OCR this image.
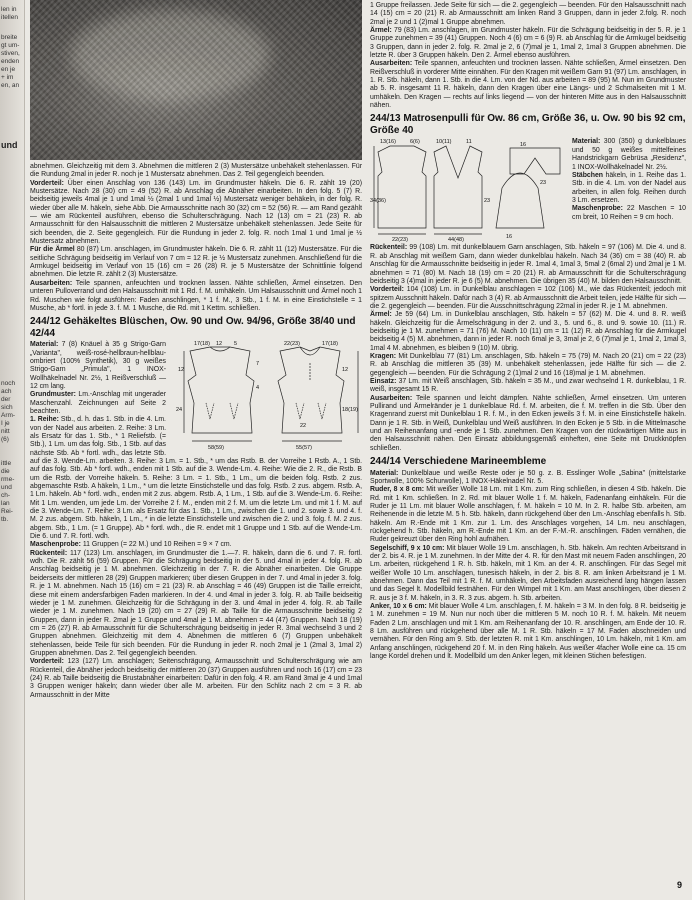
len in
itellen
breite
gt um-
stiven,
enden
en je
+ im
en, an
und
noch
ach
der
sich
Arm-
I je
nitt
(6)
ittle
die
rme-
und
ch-
lan
Rei-
tb.

abnehmen. Gleichzeitig mit dem 3. Abnehmen die mittleren 2 (3) Mustersätze unbehäkelt stehenlassen. Für die Rundung 2mal in jeder R. noch je 1 Mustersatz abnehmen. Das 2. Teil gegengleich beenden.

Vorderteil: Über einen Anschlag von 136 (143) Lm. im Grundmuster häkeln. Die 6. R. zählt 19 (20) Mustersätze. Nach 28 (30) cm = 49 (52) R. ab Anschlag die Abnäher einarbeiten. In den folg. 5 (7) R. beidseitig jeweils 4mal je 1 und 1mal ½ (2mal 1 und 1mal ½) Mustersatz weniger behäkeln, in der folg. R. wieder über alle M. häkeln, siehe Abb. Die Armausschnitte nach 30 (32) cm = 52 (56) R. — am Rand gezählt — wie am Rückenteil ausführen, ebenso die Schulterschrägung. Nach 12 (13) cm = 21 (23) R. ab Armausschnitt für den Halsausschnitt die mittleren 2 Mustersätze unbehäkelt stehenlassen. Jede Seite für sich beenden, die 2. Seite gegengleich. Für die Rundung in jeder 2. folg. R. noch 1mal 1 und 1mal je ½ Mustersatz abnehmen.

Für die Ärmel 80 (87) Lm. anschlagen, im Grundmuster häkeln. Die 6. R. zählt 11 (12) Mustersätze. Für die seitliche Schrägung beidseitig im Verlauf von 7 cm = 12 R. je ½ Mustersatz zunehmen. Anschließend für die Armkugel beidseitig im Verlauf von 15 (16) cm = 26 (28) R. je 5 Mustersätze der Schnittlinie folgend abnehmen. Die letzte R. zählt 2 (3) Mustersätze.

Ausarbeiten: Teile spannen, anfeuchten und trocknen lassen. Nähte schließen, Ärmel einsetzen. Den unteren Pulloverrand und den Halsausschnitt mit 1 Rd. f. M. umhäkeln. Um Halsausschnitt und Ärmel noch 1 Rd. Muschen wie folgt ausführen: Faden anschlingen, * 1 f. M., 3 Stb., 1 f. M. in eine Einstichstelle = 1 Musche, ab * fortl. in jede 3. f. M. 1 Musche, die Rd. mit 1 Kettm. schließen.

244/12 Gehäkeltes Blüschen, Ow. 90 und Ow. 94/96, Größe 38/40 und 42/44
17(18) 12 5
7
12
4
24
58(59)
22(23)	17(18)
12
18(19)
22
55(57)

Material: 7 (8) Knäuel à 35 g Strigo-Garn „Varianta", weiß-rosé-hellbraun-hellblau-ombriert (100% Synthetik), 30 g weißes Strigo-Garn „Primula", 1 INOX-Wollhäkelnadel Nr. 2½, 1 Reißverschluß — 12 cm lang.

Grundmuster: Lm.-Anschlag mit ungerader Maschenzahl. Zeichnungen auf Seite 2 beachten.

1. Reihe: Stb., d. h. das 1. Stb. in die 4. Lm. von der Nadel aus arbeiten. 2. Reihe: 3 Lm. als Ersatz für das 1. Stb., * 1 Reliefstb. (= Stb.), 1 Lm. um das folg. Stb., 1 Stb. auf das nächste Stb. Ab * fortl. wdh., das letzte Stb. auf die 3. Wende-Lm. arbeiten. 3. Reihe: 3 Lm. = 1. Stb., * um das Rstb. B. der Vorreihe 1 Rstb. A., 1 Stb. auf das folg. Stb. Ab * fortl. wdh., enden mit 1 Stb. auf die 3. Wende-Lm. 4. Reihe: Wie die 2. R., die Rstb. B um die Rstb. der Vorreihe häkeln. 5. Reihe: 3 Lm. = 1. Stb., 1 Lm., um die beiden folg. Rstb. 2 zus. abgemaschte Rstb. A häkeln, 1 Lm., * um die letzte Einstichstelle und das folg. Rstb. 2 zus. abgem. Rstb. A, 1 Lm. häkeln. Ab * fortl. wdh., enden mit 2 zus. abgem. Rstb. A, 1 Lm., 1 Stb. auf die 3. Wende-Lm. 6. Reihe: Mit 1 Lm. wenden, um jede Lm. der Vorreihe 2 f. M., enden mit 2 f. M. um die letzte Lm. und mit 1 f. M. auf die 3. Wende-Lm. 7. Reihe: 3 Lm. als Ersatz für das 1. Stb., 1 Lm., zwischen die 1. und 2. sowie 3. und 4. f. M. 2 zus. abgem. Stb. häkeln, 1 Lm., * in die letzte Einstichstelle und zwischen die 2. und 3. folg. f. M. 2 zus. abgem. Stb., 1 Lm. (= 1 Gruppe). Ab * fortl. wdh., die R. endet mit 1 Gruppe und 1 Stb. auf die Wende-Lm. Die 6. und 7. R. fortl. wdh.

Maschenprobe: 11 Gruppen (= 22 M.) und 10 Reihen = 9 × 7 cm.

Rückenteil: 117 (123) Lm. anschlagen, im Grundmuster die 1.—7. R. häkeln, dann die 6. und 7. R. fortl. wdh. Die R. zählt 56 (59) Gruppen. Für die Schrägung beidseitig in der 5. und 4mal in jeder 4. folg. R. ab Anschlag beidseitig je 1 M. abnehmen. Gleichzeitig in der 7. R. die Abnäher einarbeiten. Die Gruppe beiderseits der mittleren 28 (29) Gruppen markieren; über diesen Gruppen in der 7. und 4mal in jeder 3. folg. R. je 1 M. abnehmen. Nach 15 (16) cm = 21 (23) R. ab Anschlag = 46 (49) Gruppen ist die Taille erreicht, diese mit einem andersfarbigen Faden markieren. In der 4. und 4mal in jeder 3. folg. R. ab Taille beidseitig wieder je 1 M. zunehmen. Gleichzeitig für die Schrägung in der 3. und 4mal in jeder 4. folg. R. ab Taille wieder je 1 M. zunehmen. Nach 19 (20) cm = 27 (29) R. ab Taille für die Armausschnitte beidseitig 2 Gruppen, dann in jeder R. 2mal je 1 Gruppe und 4mal je 1 M. abnehmen = 44 (47) Gruppen. Nach 18 (19) cm = 26 (27) R. ab Armausschnitt für die Schulterschrägung beidseitig in jeder R. 3mal wechselnd 3 und 2 Gruppen abnehmen. Gleichzeitig mit dem 4. Abnehmen die mittleren 6 (7) Gruppen unbehäkelt stehenlassen, beide Teile für sich beenden. Für die Rundung in jeder R. noch 2mal je 1 (2mal 3, 1mal 2) Gruppen abnehmen. Das 2. Teil gegengleich beenden.

Vorderteil: 123 (127) Lm. anschlagen; Seitenschrägung, Armausschnitt und Schulterschrägung wie am Rückenteil, die Abnäher jedoch beidseitig der mittleren 20 (37) Gruppen ausführen und noch 16 (17) cm = 23 (24) R. ab Taille beidseitig die Brustabnäher einarbeiten: Dafür in den folg. 4 R. am Rand 3mal je 4 und 1mal 3 Gruppen weniger häkeln; dann wieder über alle M. arbeiten. Für den Schlitz nach 2 cm = 3 R. ab Armausschnitt in der Mitte

1 Gruppe freilassen. Jede Seite für sich — die 2. gegengleich — beenden. Für den Halsausschnitt nach 14 (15) cm = 20 (21) R. ab Armausschnitt am linken Rand 3 Gruppen, dann in jeder 2.folg. R. noch 2mal je 2 und 1 (2)mal 1 Gruppe abnehmen.

Ärmel: 79 (83) Lm. anschlagen, im Grundmuster häkeln. Für die Schrägung beidseitig in der 5. R. je 1 Gruppe zunehmen = 39 (41) Gruppen. Noch 4 (6) cm = 6 (9) R. ab Anschlag für die Armkugel beidseitig 3 Gruppen, dann in jeder 2. folg. R. 2mal je 2, 6 (7)mal je 1, 1mal 2, 1mal 3 Gruppen abnehmen. Die letzte R. über 3 Gruppen häkeln. Den 2. Ärmel ebenso ausführen.

Ausarbeiten: Teile spannen, anfeuchten und trocknen lassen. Nähte schließen, Ärmel einsetzen. Den Reißverschluß in vorderer Mitte einnähen. Für den Kragen mit weißem Garn 91 (97) Lm. anschlagen, in 1. R. Stb. häkeln, dann 1. Stb. in die 4. Lm. von der Nd. aus arbeiten = 89 (95) M. Nun im Grundmuster ab 5. R. insgesamt 11 R. häkeln, dann den Kragen über eine Längs- und 2 Schmalseiten mit 1 M. umhäkeln. Den Kragen — rechts auf links liegend — von der hinteren Mitte aus in den Halsausschnitt nähen.

244/13 Matrosenpulli für Ow. 86 cm, Größe 36, u. Ow. 90 bis 92 cm, Größe 40
13(16)	6(6)	10(11)	11	16
34(36)	23
22(23)	44(48)	16
23

Material: 300 (350) g dunkelblaues und 50 g weißes mittelfeines Handstrickgarn Gebrüsa „Residenz", 1 INOX-Wollhäkelnadel Nr. 2½.

Stäbchen häkeln, in 1. Reihe das 1. Stb. in die 4. Lm. von der Nadel aus arbeiten, in allen folg. Reihen durch 3 Lm. ersetzen.

Maschenprobe: 22 Maschen = 10 cm breit, 10 Reihen = 9 cm hoch.

Rückenteil: 99 (108) Lm. mit dunkelblauem Garn anschlagen, Stb. häkeln = 97 (106) M. Die 4. und 8. R. ab Anschlag mit weißem Garn, dann wieder dunkelblau häkeln. Nach 34 (36) cm = 38 (40) R. ab Anschlag für die Armausschnitte beidseitig in jeder R. 1mal 4, 1mal 3, 5mal 2 (6mal 2) und 2mal je 1 M. abnehmen = 71 (80) M. Nach 18 (19) cm = 20 (21) R. ab Armausschnitt für die Schulterschrägung beidseitig 3 (4)mal in jeder R. je 6 (5) M. abnehmen. Die übrigen 35 (40) M. bilden den Halsausschnitt.

Vorderteil: 104 (108) Lm. in Dunkelblau anschlagen = 102 (106) M., wie das Rückenteil; jedoch mit spitzem Ausschnitt häkeln. Dafür nach 3 (4) R. ab Armausschnitt die Arbeit teilen, jede Hälfte für sich — die 2. gegengleich — beenden. Für die Ausschnittschrägung 22mal in jeder R. je 1 M. abnehmen.

Ärmel: Je 59 (64) Lm. in Dunkelblau anschlagen, Stb. häkeln = 57 (62) M. Die 4. und 8. R. weiß häkeln. Gleichzeitig für die Ärmelschrägung in der 2. und 3., 5. und 6., 8. und 9. sowie 10. (11.) R. beidseitig je 1 M. zunehmen = 71 (76) M. Nach 10 (11) cm = 11 (12) R. ab Anschlag für die Armkugel beidseitig 4 (5) M. abnehmen, dann in jeder R. noch 6mal je 3, 3mal je 2, 6 (7)mal je 1, 1mal 2, 1mal 3, 1mal 4 M. abnehmen, es bleiben 9 (10) M. übrig.

Kragen: Mit Dunkelblau 77 (81) Lm. anschlagen, Stb. häkeln = 75 (79) M. Nach 20 (21) cm = 22 (23) R. ab Anschlag die mittleren 35 (39) M. unbehäkelt stehenlassen, jede Hälfte für sich — die 2. gegengleich — beenden. Für die Schrägung 2 (1)mal 2 und 16 (18)mal je 1 M. abnehmen.

Einsatz: 37 Lm. mit Weiß anschlagen, Stb. häkeln = 35 M., und zwar wechselnd 1 R. dunkelblau, 1 R. weiß, insgesamt 15 R.

Ausarbeiten: Teile spannen und leicht dämpfen. Nähte schließen, Ärmel einsetzen. Um unteren Pullirand und Ärmelränder je 1 dunkelblaue Rd. f. M. arbeiten, die f. M. treffen in die Stb. Über den Kragenrand zuerst mit Dunkelblau 1 R. f. M., in den Ecken jeweils 3 f. M. in eine Einstichstelle häkeln. Dann je 1 R. Stb. in Weiß, Dunkelblau und Weiß ausführen. In den Ecken je 5 Stb. in die Mittelmasche und an Reihenanfang und -ende je 1 Stb. zunehmen. Den Kragen von der rückwärtigen Mitte aus in den Halsausschnitt nähen. Den Einsatz abbildungsgemäß einheften, eine Seite mit Druckknöpfen schließen.

244/14 Verschiedene Marineembleme

Material: Dunkelblaue und weiße Reste oder je 50 g. z. B. Esslinger Wolle „Sabina" (mittelstarke Sportwolle, 100% Schurwolle), 1 INOX-Häkelnadel Nr. 5.

Ruder, 8 x 8 cm: Mit weißer Wolle 18 Lm. mit 1 Km. zum Ring schließen, in diesen 4 Stb. häkeln. Die Rd. mit 1 Km. schließen. In 2. Rd. mit blauer Wolle 1 f. M. häkeln, Fadenanfang einhäkeln. Für die Ruder je 11 Lm. mit blauer Wolle anschlagen, f. M. häkeln = 10 M. In 2. R. halbe Stb. arbeiten, am Reihenende in die letzte M. 5 h. Stb. häkeln, dann rückgehend über den Lm.-Anschlag ebenfalls h. Stb. häkeln. Am R.-Ende mit 1 Km. zur 1. Lm. des Anschlages vorgehen, 14 Lm. neu anschlagen, rückgehend h. Stb. häkeln, am R.-Ende mit 1 Km. an der F.-M.-R. anschlingen. Fäden vernähen, die Ruder gekreuzt über den Ring hohl aufnähen.

Segelschiff, 9 x 10 cm: Mit blauer Wolle 19 Lm. anschlagen, h. Stb. häkeln. Am rechten Arbeitsrand in der 2. bis 4. R. je 1 M. zunehmen. In der Mitte der 4. R. für den Mast mit neuem Faden anschlingen, 20 Lm. arbeiten, rückgehend 1 R. h. Stb. häkeln, mit 1 Km. an der 4. R. anschlingen. Für das Segel mit weißer Wolle 10 Lm. anschlagen, tunesisch häkeln, in der 2. bis 8. R. am linken Arbeitsrand je 1 M. abnehmen. Dann das Teil mit 1 R. f. M. umhäkeln, den Arbeitsfaden ausreichend lang hängen lassen und das Segel lt. Modellbild festnähen. Für den Wimpel mit 1 Km. am Mast anschlingen, über diesen 2 R. aus je 3 f. M. häkeln, in 3. R. 3 zus. abgem. h. Stb. arbeiten.

Anker, 10 x 6 cm: Mit blauer Wolle 4 Lm. anschlagen, f. M. häkeln = 3 M. In den folg. 8 R. beidseitig je 1 M. zunehmen = 19 M. Nun nur noch über die mittleren 5 M. noch 10 R. f. M. häkeln. Mit neuem Faden 2 Lm. anschlagen und mit 1 Km. am Reihenanfang der 10. R. anschlingen, am Ende der 10. R. 8 Lm. ausführen und rückgehend über alle M. 1 R. Stb. häkeln = 17 M. Faden abschneiden und vernähen. Für den Ring am 9. Stb. der letzten R. mit 1 Km. anschlingen, 10 Lm. häkeln, mit 1 Km. am Anfang anschlingen, rückgehend 20 f. M. in den Ring häkeln. Aus weißer 4facher Wolle eine ca. 15 cm lange Kordel drehen und lt. Modellbild um den Anker legen, mit kleinen Stichen befestigen.

9
